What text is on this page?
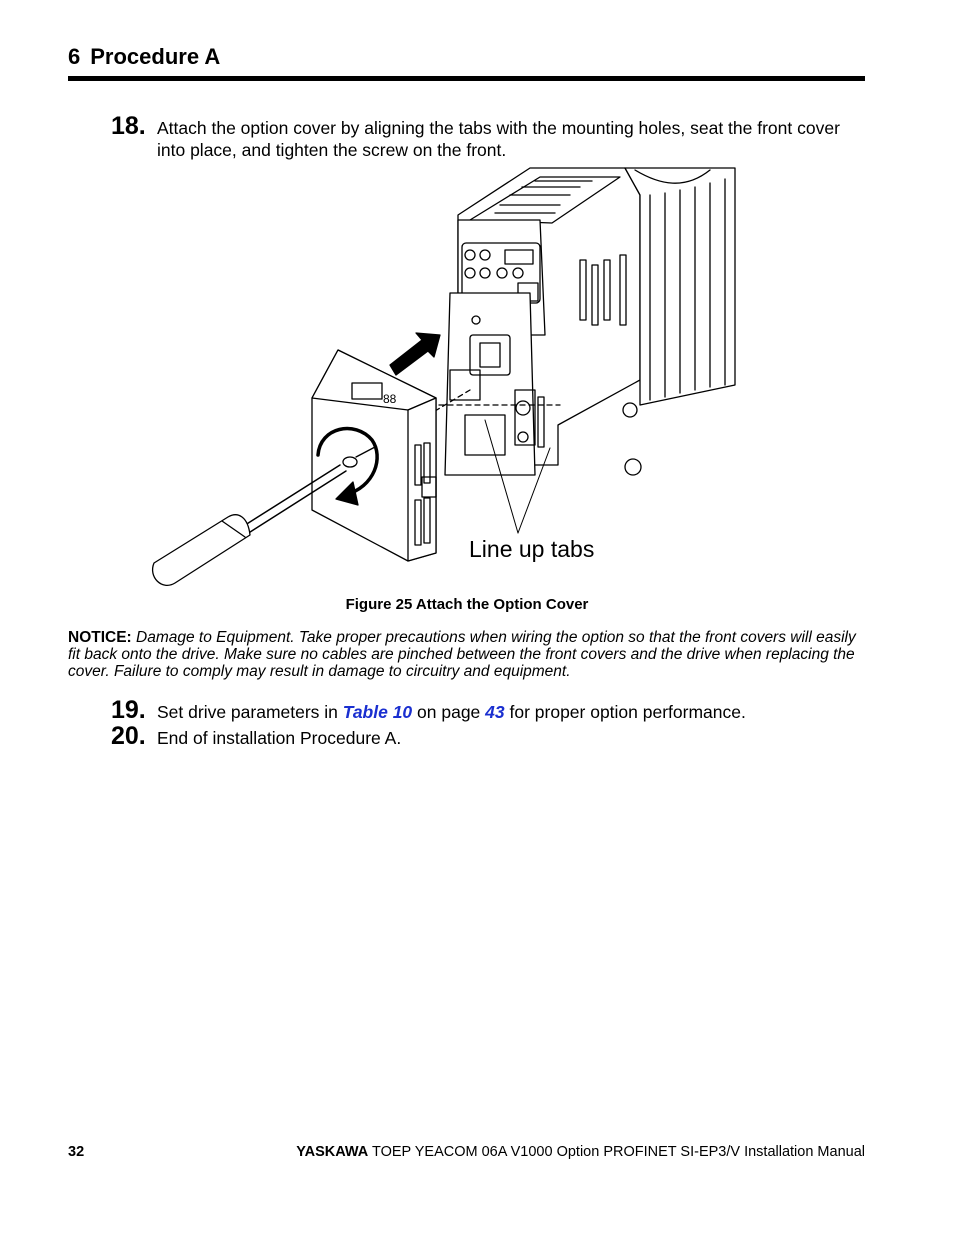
6 Procedure A
18. Attach the option cover by aligning the tabs with the mounting holes, seat the front cover into place, and tighten the screw on the front.
88
Line up tabs
Figure 25 Attach the Option Cover
NOTICE: Damage to Equipment. Take proper precautions when wiring the option so that the front covers will easily fit back onto the drive. Make sure no cables are pinched between the front covers and the drive when replacing the cover. Failure to comply may result in damage to circuitry and equipment.
19. Set drive parameters in Table 10 on page 43 for proper option performance.
20. End of installation Procedure A.
32	YASKAWA TOEP YEACOM 06A V1000 Option PROFINET SI-EP3/V Installation Manual
